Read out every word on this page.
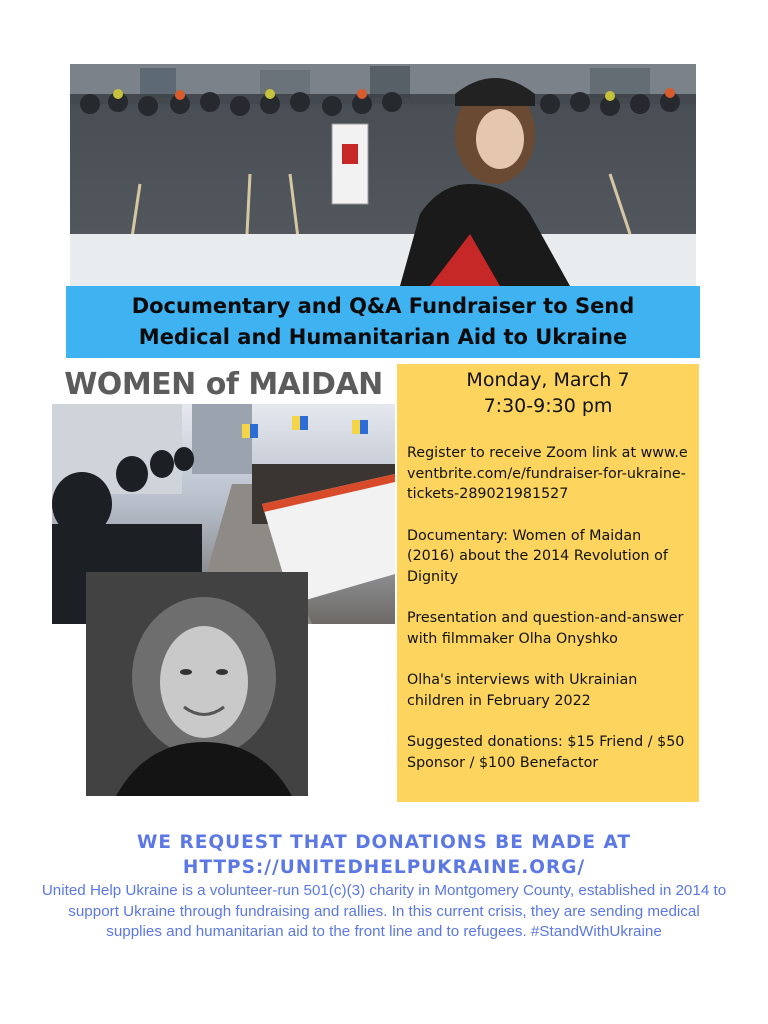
Documentary and Q&A Fundraiser to Send
Medical and Humanitarian Aid to Ukraine
WOMEN of MAIDAN	Monday, March 7

7:30-9:30 pm

Register to receive Zoom link at www.eventbrite.com/e/fundraiser-for-ukraine-tickets-289021981527

Documentary: Women of Maidan (2016) about the 2014 Revolution of Dignity

Presentation and question-and-answer with filmmaker Olha Onyshko

Olha's interviews with Ukrainian children in February 2022

Suggested donations: $15 Friend / $50 Sponsor / $100 Benefactor

WE REQUEST THAT DONATIONS BE MADE AT
HTTPS://UNITEDHELPUKRAINE.ORG/

United Help Ukraine is a volunteer-run 501(c)(3) charity in Montgomery County, established in 2014 to support Ukraine through fundraising and rallies. In this current crisis, they are sending medical supplies and humanitarian aid to the front line and to refugees. #StandWithUkraine
